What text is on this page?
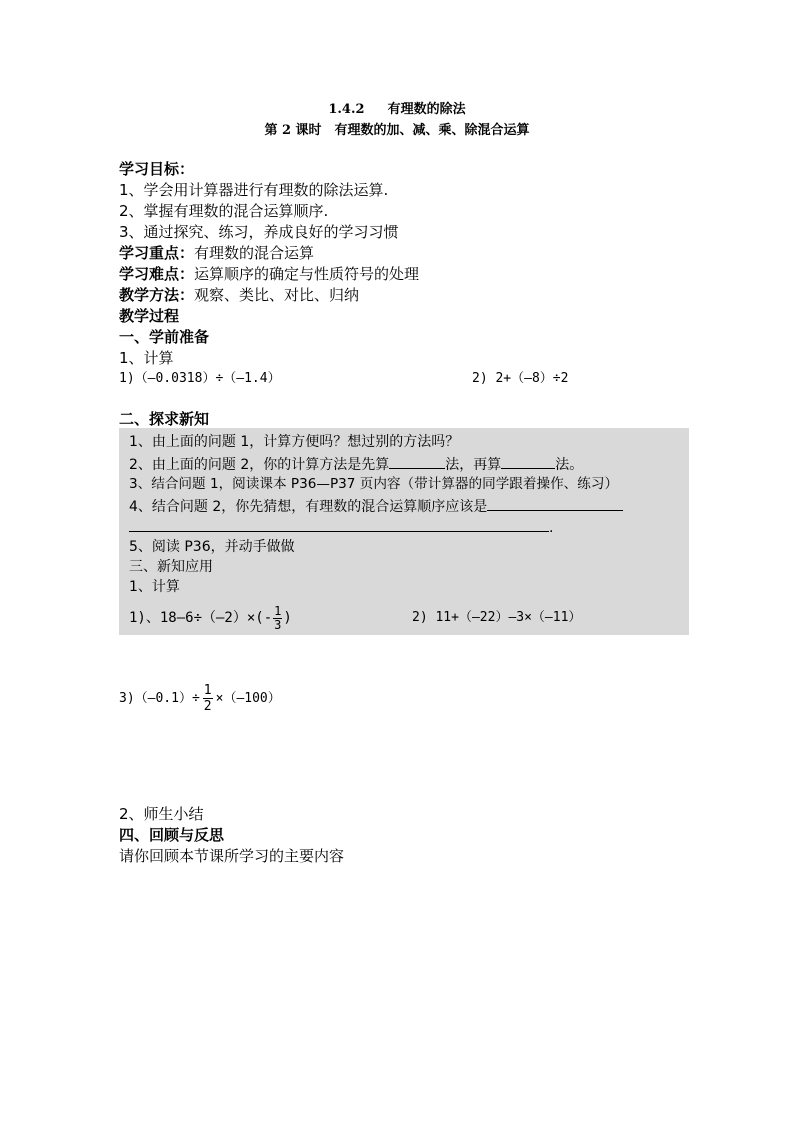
1.4.2 有理数的除法
第 2 课时　有理数的加、减、乘、除混合运算
学习目标：
1、学会用计算器进行有理数的除法运算.
2、掌握有理数的混合运算顺序.
3、通过探究、练习，养成良好的学习习惯
学习重点：有理数的混合运算
学习难点：运算顺序的确定与性质符号的处理
教学方法：观察、类比、对比、归纳
教学过程
一、学前准备
1、计算
1)（—0.0318）÷（—1.4）	2) 2+（—8）÷2
二、探求新知
1、由上面的问题 1，计算方便吗？想过别的方法吗？
2、由上面的问题 2，你的计算方法是先算	法，再算	法。
3、结合问题 1，阅读课本 P36—P37 页内容（带计算器的同学跟着操作、练习）
4、结合问题 2，你先猜想，有理数的混合运算顺序应该是
.
5、阅读 P36，并动手做做
三、新知应用
1、计算
1)、18—6÷（—2）×(- $\frac{1}{3}$ )	2) 11+（—22）—3×（—11）
3)（—0.1）÷ $\frac{1}{2}$ ×（—100）
2、师生小结
四、回顾与反思
请你回顾本节课所学习的主要内容
